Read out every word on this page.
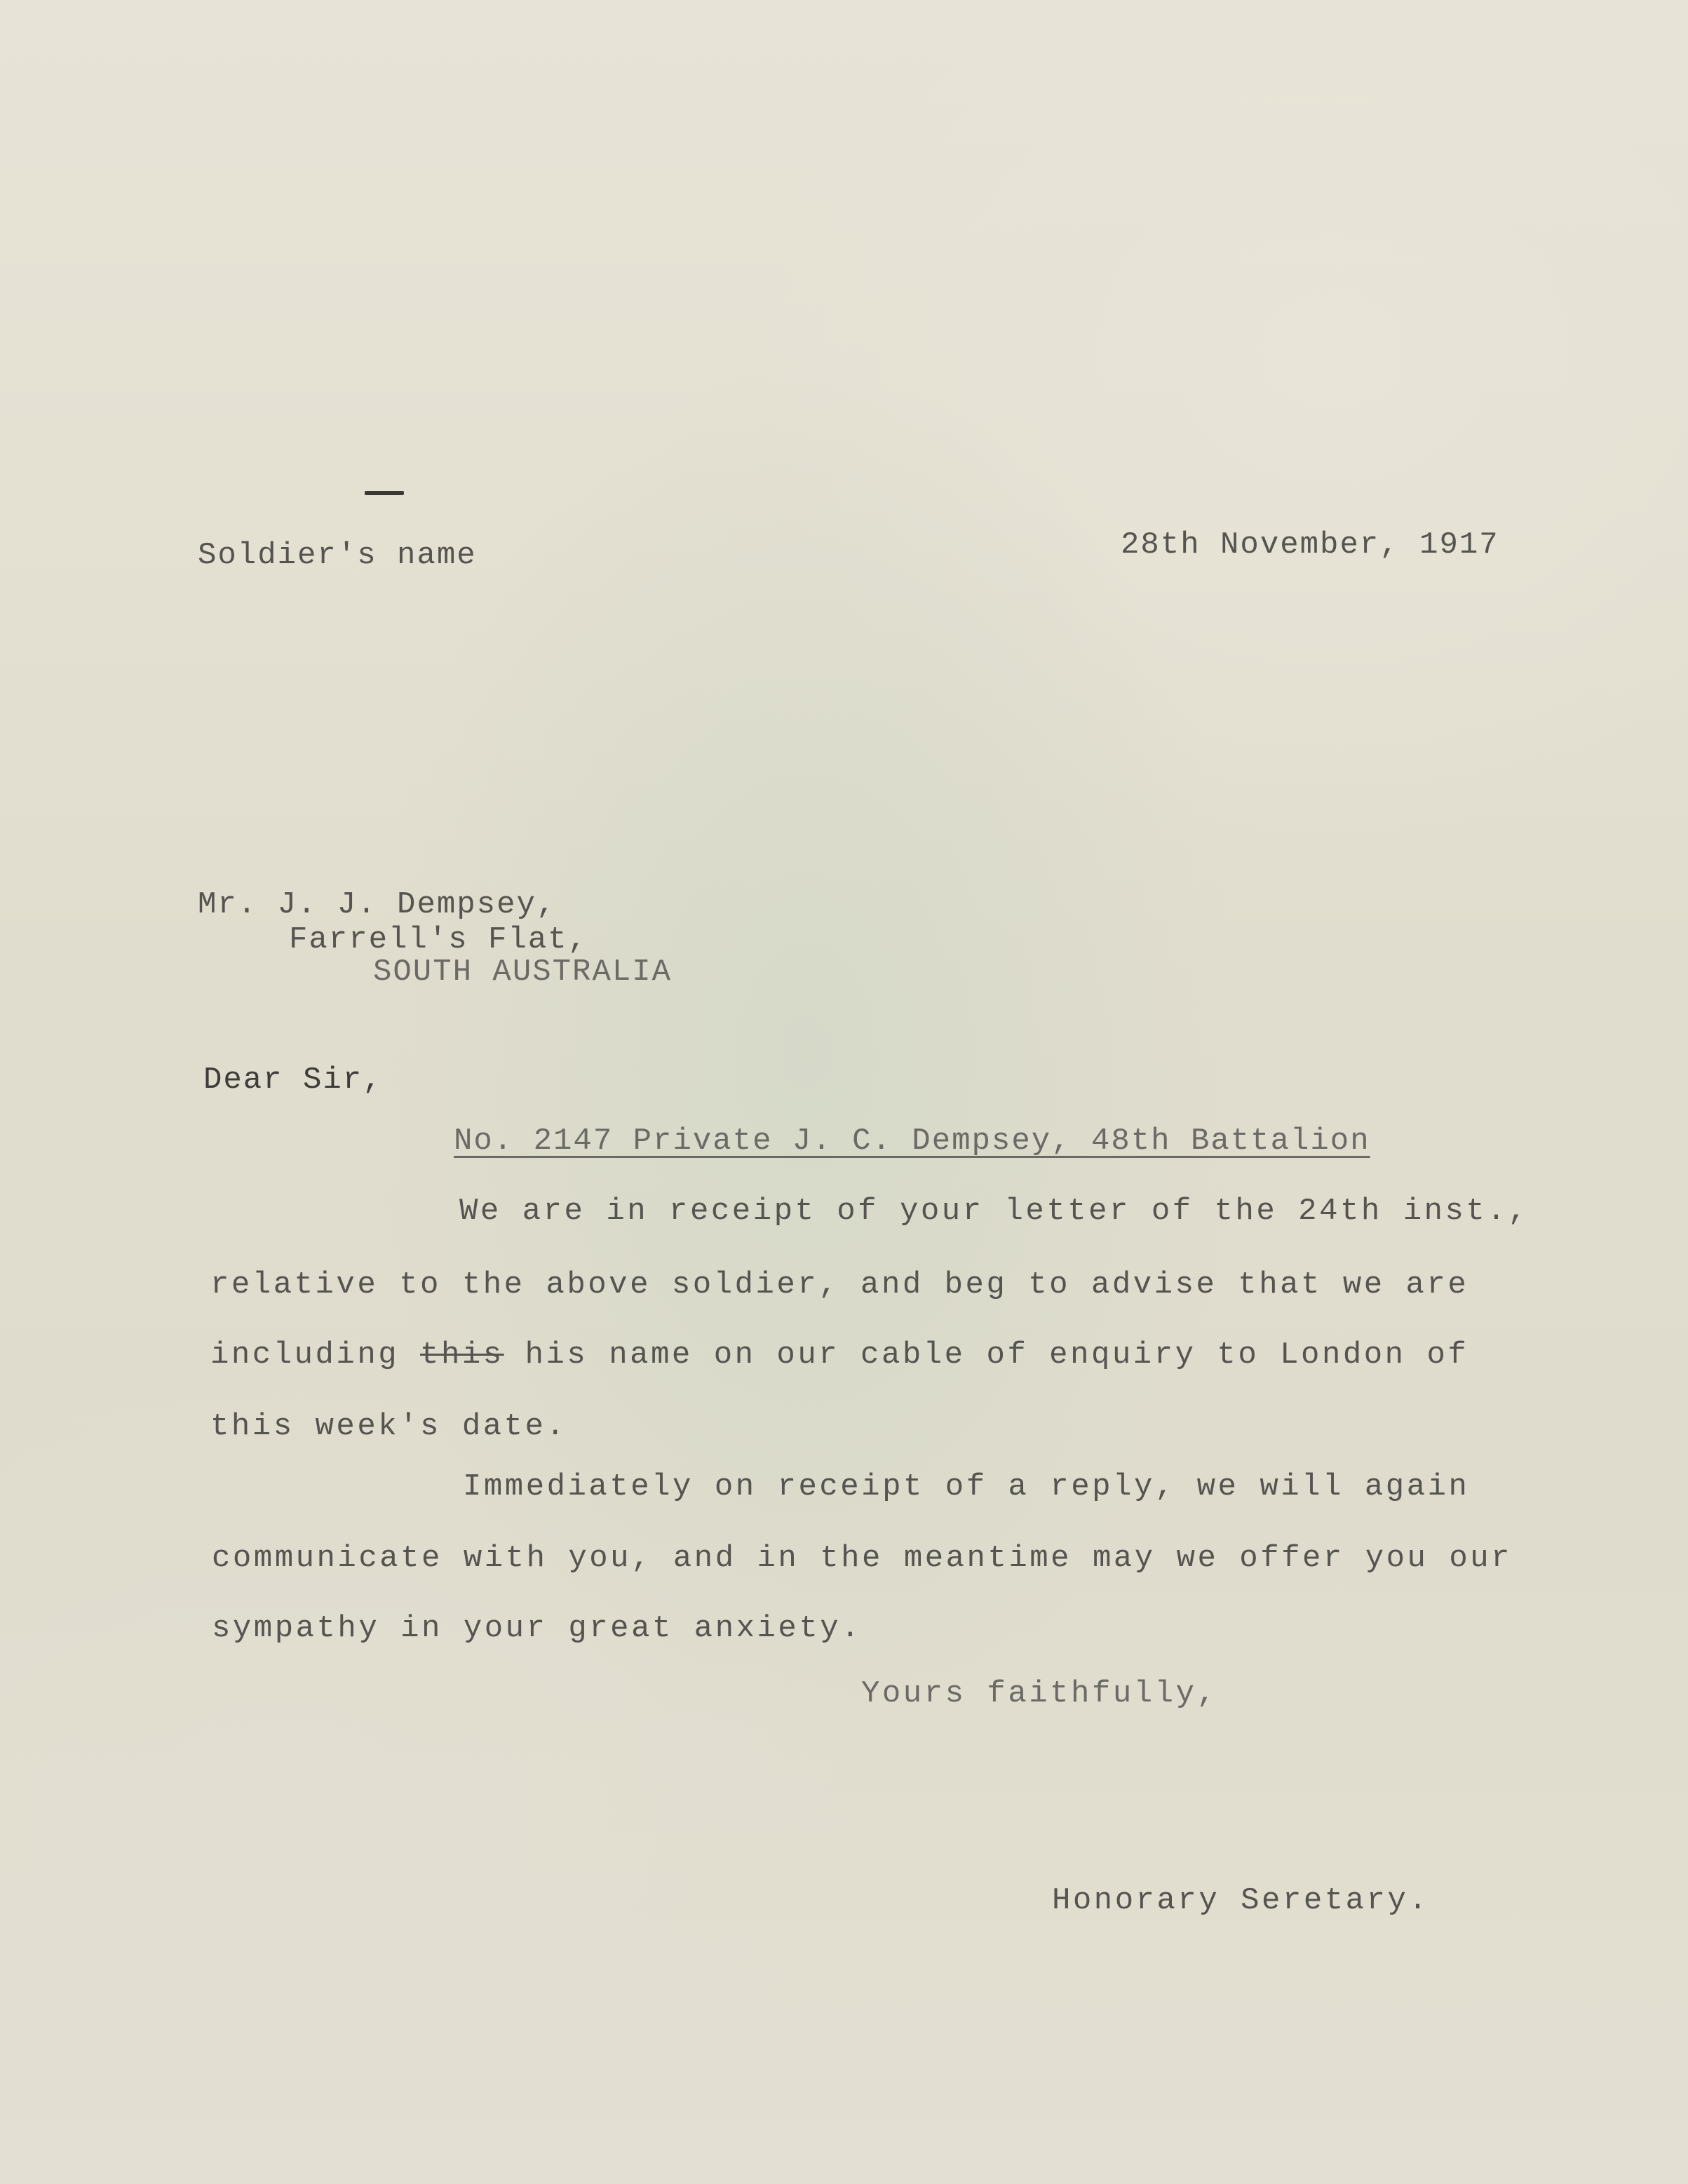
Soldier's name	28th November, 1917
Mr. J. J. Dempsey,
Farrell's Flat,
SOUTH AUSTRALIA
Dear Sir,
No. 2147 Private J. C. Dempsey, 48th Battalion
We are in receipt of your letter of the 24th inst.,
relative to the above soldier, and beg to advise that we are
including this his name on our cable of enquiry to London of
this week's date.
Immediately on receipt of a reply, we will again
communicate with you, and in the meantime may we offer you our
sympathy in your great anxiety.
Yours faithfully,
Honorary Seretary.
